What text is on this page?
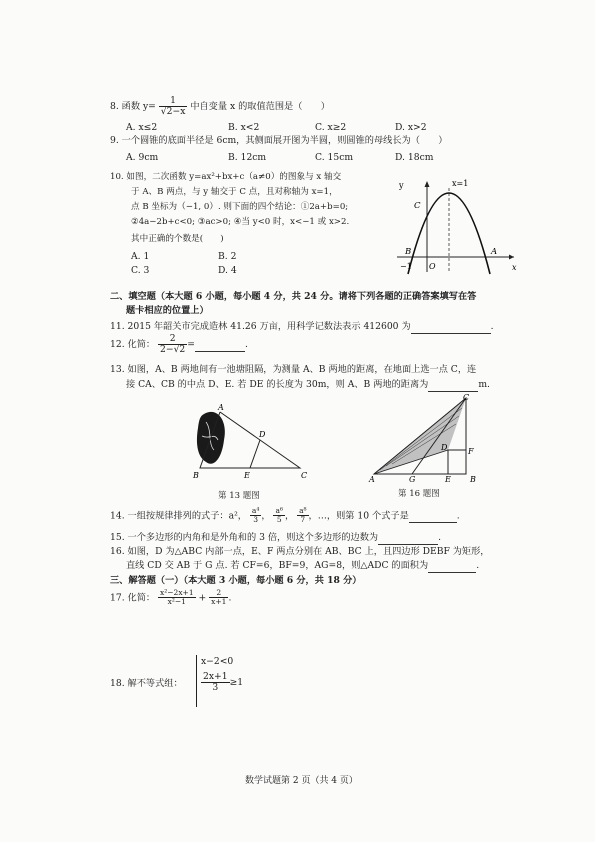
8. 函数 $y= \frac{1}{√2-x}$ 中自变量 x 的取值范围是（　　）
A. x≤2	B. x<2	C. x≥2	D. x>2
9. 一个圆锥的底面半径是 6cm，其侧面展开图为半圆，则圆锥的母线长为（　　）
A. 9cm	B. 12cm	C. 15cm	D. 18cm
10. 如图，二次函数 y=ax²+bx+c（a≠0）的图象与 x 轴交
于 A、B 两点，与 y 轴交于 C 点，且对称轴为 x=1，
点 B 坐标为（−1, 0）. 则下面的四个结论：①2a+b=0;
②4a−2b+c<0; ③ac>0; ④当 y<0 时，x<−1 或 x>2.
其中正确的个数是(　　)
A. 1	B. 2
C. 3	D. 4
y
x
x=1
C
B	A
O
−1
二、填空题（本大题 6 小题，每小题 4 分，共 24 分。请将下列各题的正确答案填写在答
题卡相应的位置上）
11. 2015 年韶关市完成造林 41.26 万亩，用科学记数法表示 412600 为	.
12. 化简： $\frac{2}{2-√2}$ =	.
13. 如图，A、B 两地间有一池塘阻隔，为测量 A、B 两地的距离，在地面上选一点 C，连
接 CA、CB 的中点 D、E. 若 DE 的长度为 30m，则 A、B 两地的距离为	m.
A
B	C
D
E
第 13 题图
C
A	B
D
E
F
G
第 16 题图
14. 一组按规律排列的式子：a²， $\frac{\text{a⁴}}{3}$ ， $\frac{\text{a⁶}}{5}$ ， $\frac{\text{a⁸}}{7}$ ，…，则第 10 个式子是	.
15. 一个多边形的内角和是外角和的 3 倍，则这个多边形的边数为	.
16. 如图，D 为△ABC 内部一点，E、F 两点分别在 AB、BC 上，且四边形 DEBF 为矩形，
直线 CD 交 AB 于 G 点. 若 CF=6，BF=9，AG=8，则△ADC 的面积为	.
三、解答题（一）（本大题 3 小题，每小题 6 分，共 18 分）
17. 化简： $\frac{\text{x²−2x+1}}{\text{x²−1}} + \frac{2}{x+1}$ .
18. 解不等式组：
x−2<0
$\frac{2x+1}{3} \ge 1$
数学试题第 2 页（共 4 页）
